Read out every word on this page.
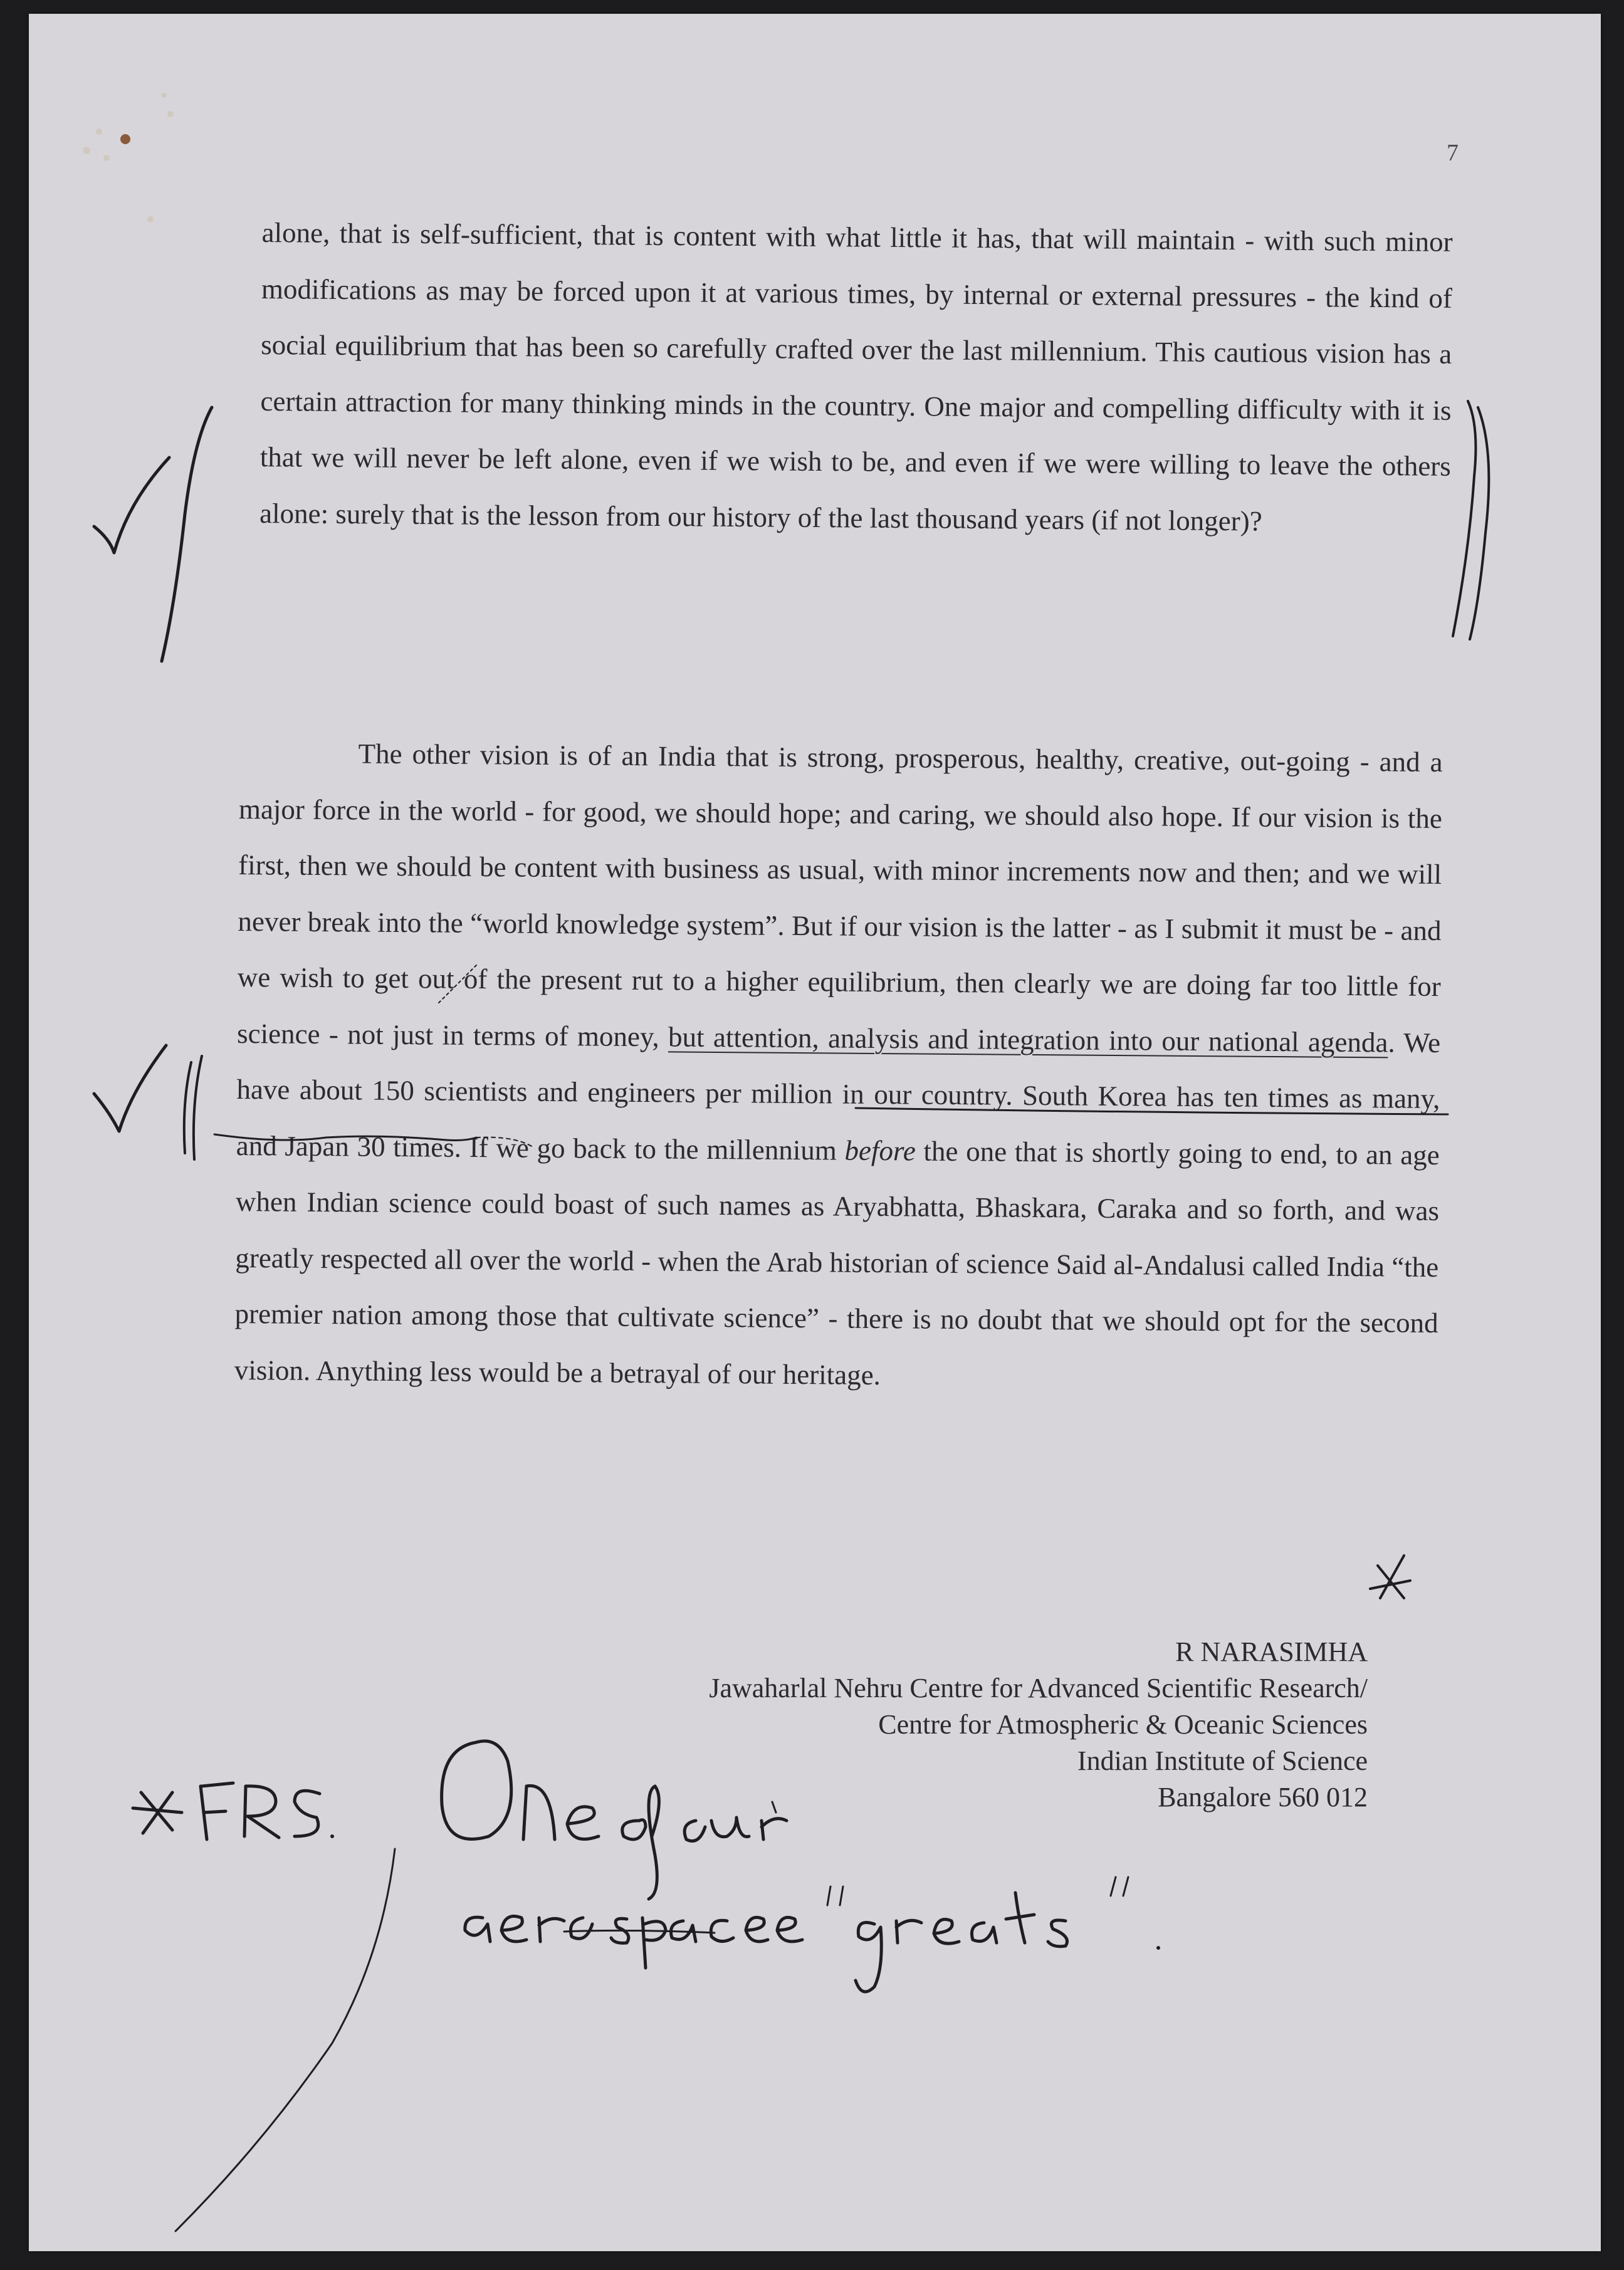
7

alone, that is self-sufficient, that is content with what little it has, that will maintain - with such minor modifications as may be forced upon it at various times, by internal or external pressures - the kind of social equilibrium that has been so carefully crafted over the last millennium. This cautious vision has a certain attraction for many thinking minds in the country. One major and compelling difficulty with it is that we will never be left alone, even if we wish to be, and even if we were willing to leave the others alone: surely that is the lesson from our history of the last thousand years (if not longer)?

The other vision is of an India that is strong, prosperous, healthy, creative, out-going - and a major force in the world - for good, we should hope; and caring, we should also hope. If our vision is the first, then we should be content with business as usual, with minor increments now and then; and we will never break into the “world knowledge system”. But if our vision is the latter - as I submit it must be - and we wish to get out of the present rut to a higher equilibrium, then clearly we are doing far too little for science - not just in terms of money, but attention, analysis and integration into our national agenda. We have about 150 scientists and engineers per million in our country. South Korea has ten times as many, and Japan 30 times. If we go back to the millennium before the one that is shortly going to end, to an age when Indian science could boast of such names as Aryabhatta, Bhaskara, Caraka and so forth, and was greatly respected all over the world - when the Arab historian of science Said al-Andalusi called India “the premier nation among those that cultivate science” - there is no doubt that we should opt for the second vision. Anything less would be a betrayal of our heritage.

R NARASIMHA
Jawaharlal Nehru Centre for Advanced Scientific Research/
Centre for Atmospheric & Oceanic Sciences
Indian Institute of Science
Bangalore 560 012
